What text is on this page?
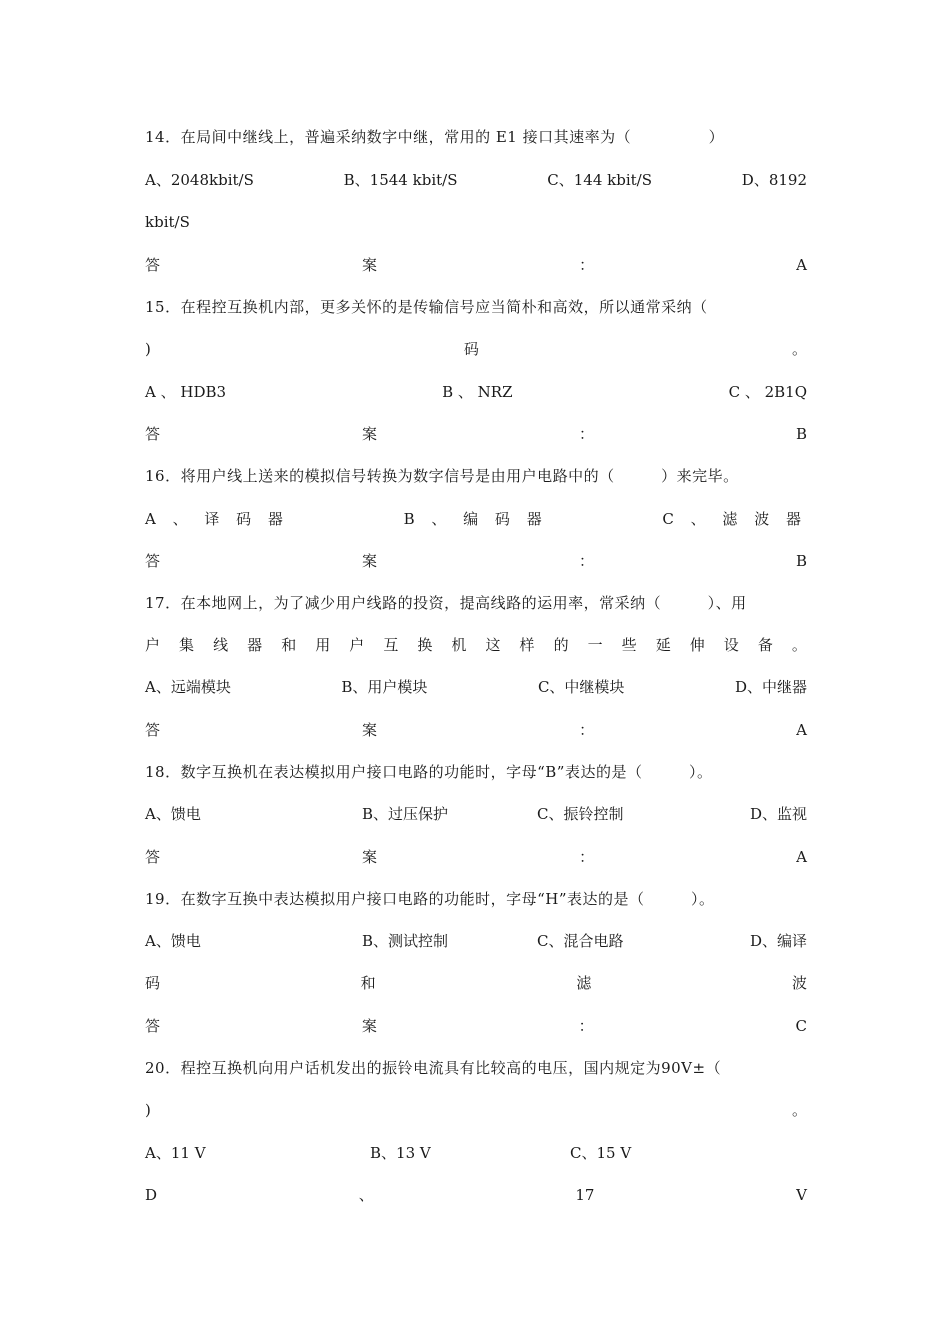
14．在局间中继线上，普遍采纳数字中继，常用的 E1 接口其速率为（　　　　　）
A、2048kbit/S	B、1544 kbit/S	C、144 kbit/S	D、8192
kbit/S
答	案	：	A
15．在程控互换机内部，更多关怀的是传输信号应当简朴和高效，所以通常采纳（
)	码	。
A 、 HDB3	B 、 NRZ	C 、 2B1Q
答	案	：	B
16．将用户线上送来的模拟信号转换为数字信号是由用户电路中的（　　　）来完毕。
A 、 译 码 器	B 、 编 码 器	C 、 滤 波 器
答	案	：	B
17．在本地网上，为了减少用户线路的投资，提高线路的运用率，常采纳（　　　）、用
户 集 线 器 和 用 户 互 换 机 这 样 的 一 些 延 伸 设 备 。
A、远端模块	B、用户模块	C、中继模块	D、中继器
答	案	：	A
18．数字互换机在表达模拟用户接口电路的功能时，字母“B”表达的是（　　　）。
A、馈电	B、过压保护	C、振铃控制	D、监视
答	案	：	A
19．在数字互换中表达模拟用户接口电路的功能时，字母“H”表达的是（　　　）。
A、馈电	B、测试控制	C、混合电路	D、编译
码	和	滤	波
答	案	：	C
20．程控互换机向用户话机发出的振铃电流具有比较高的电压，国内规定为90V±（
)	。
A、11 V	B、13 V	C、15 V
D	、	17	V
